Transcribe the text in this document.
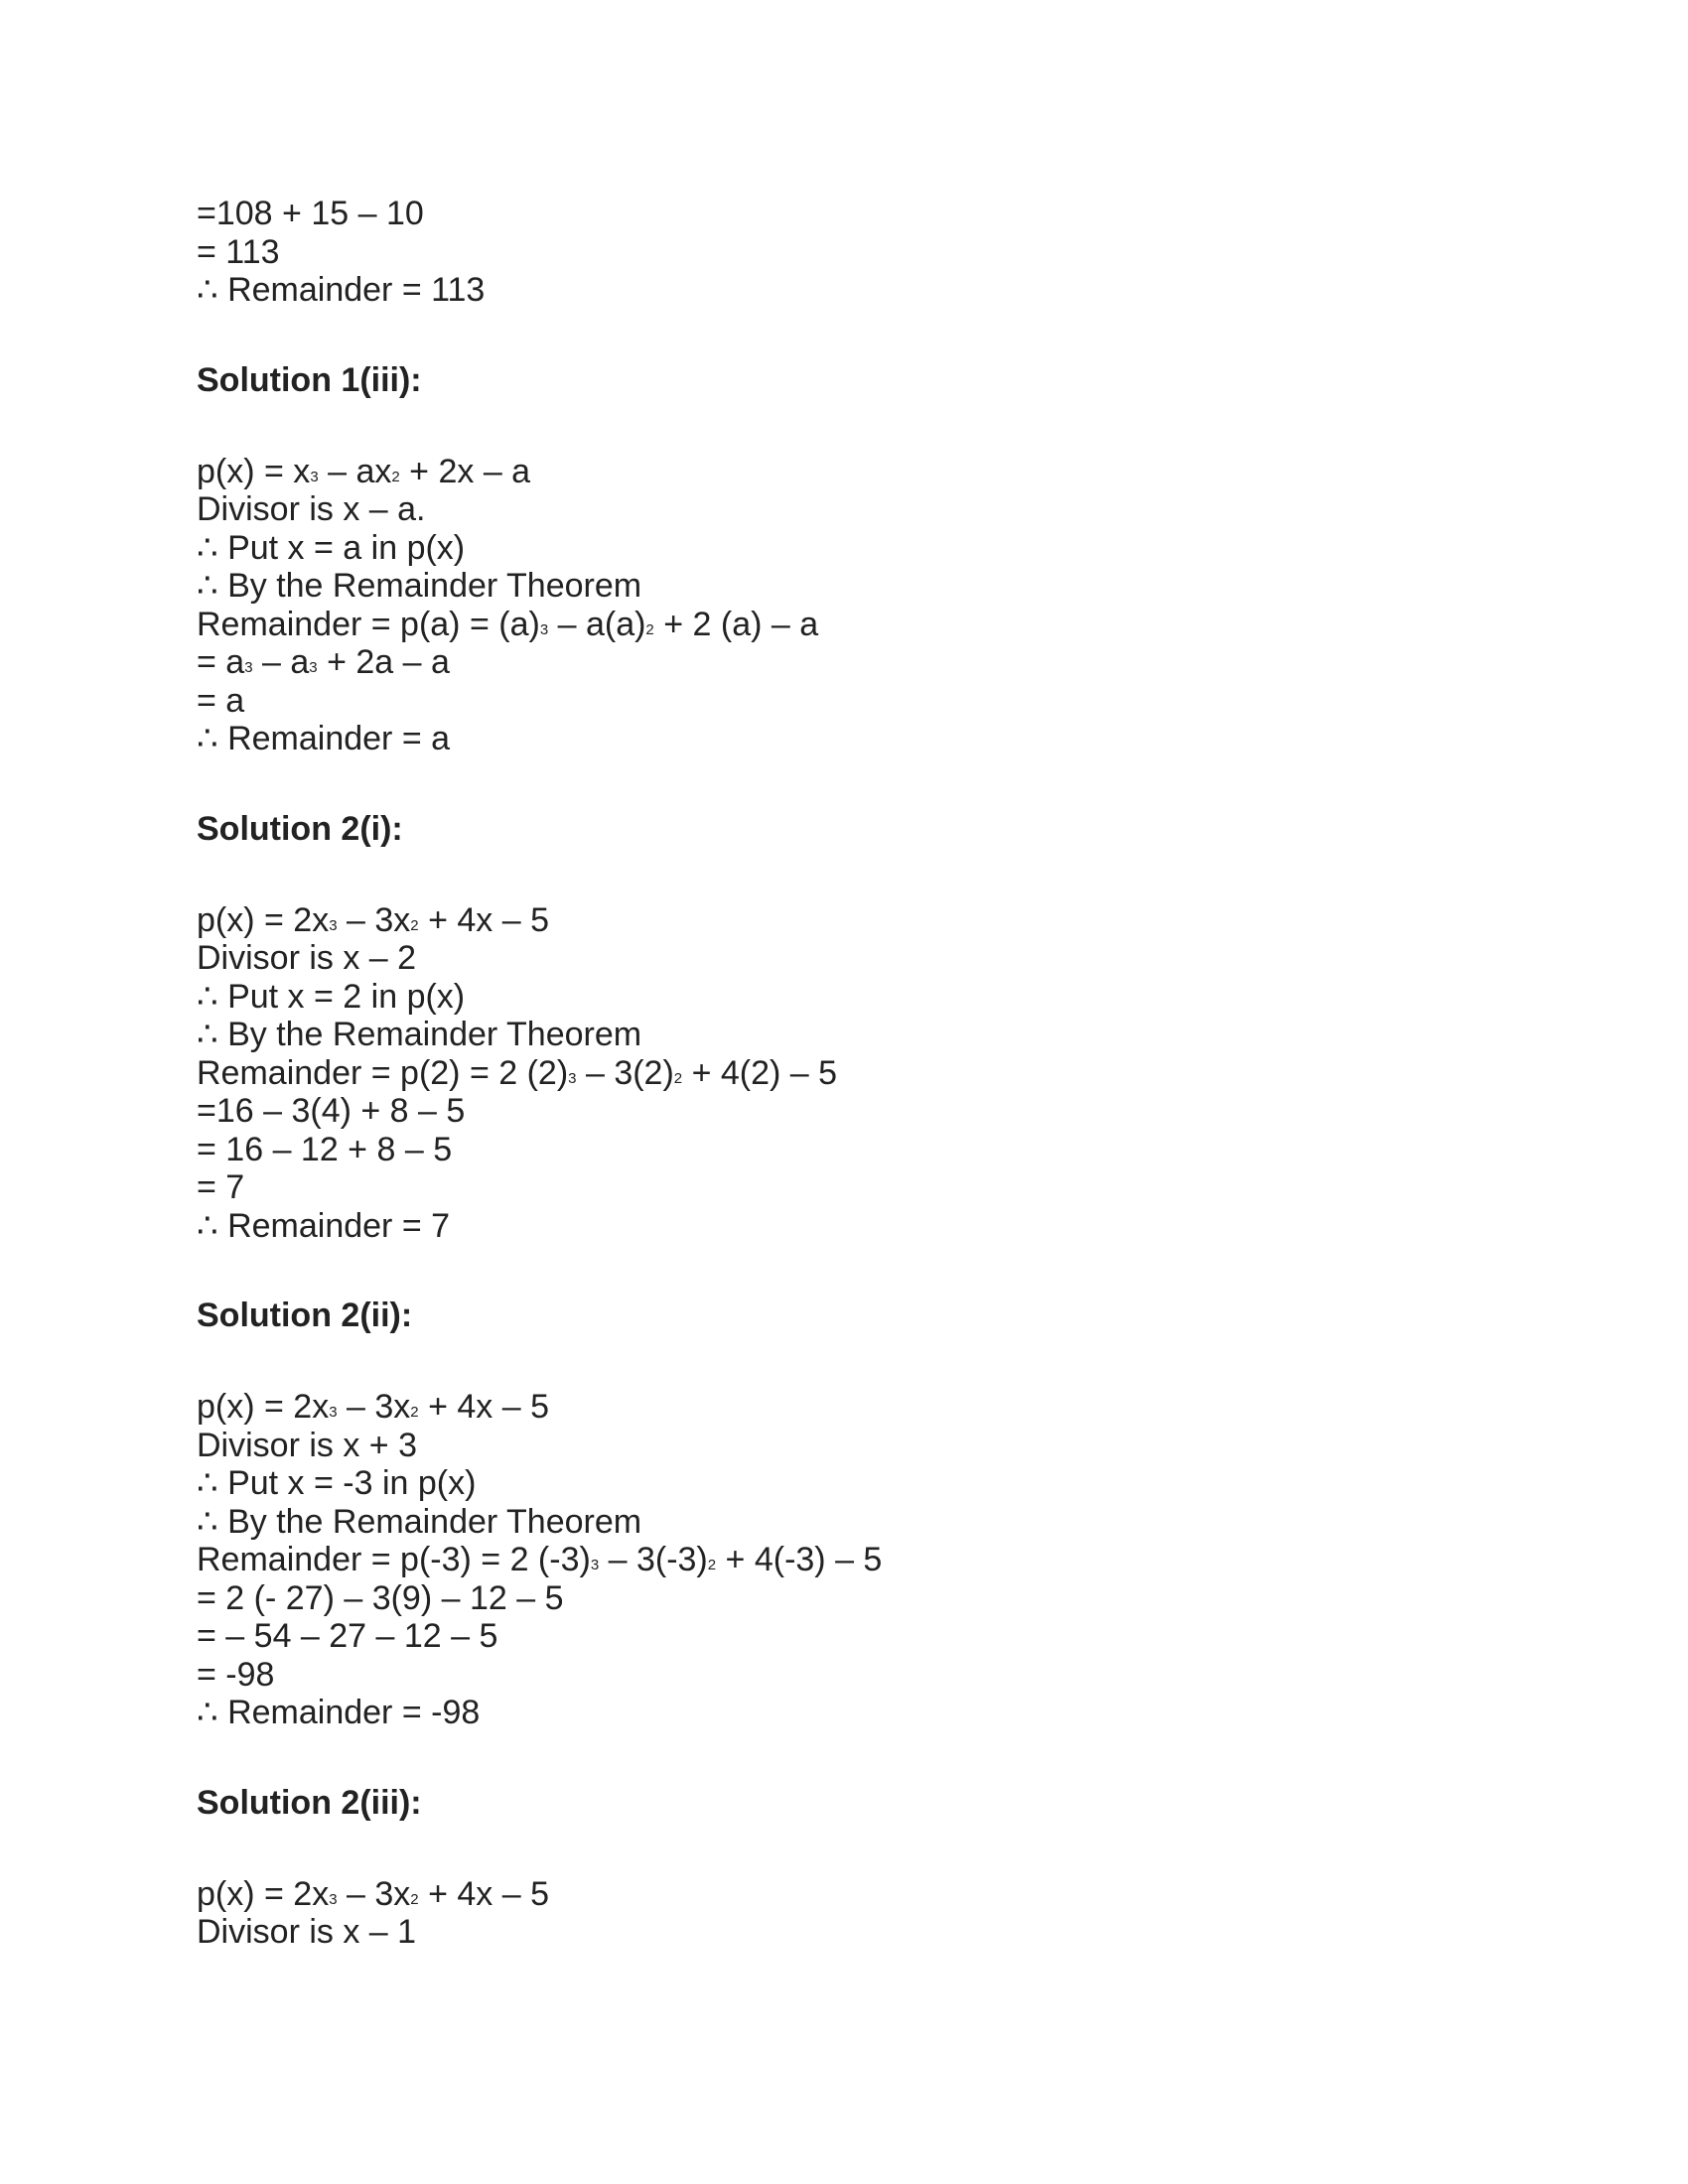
=108 + 15 – 10
= 113
∴ Remainder = 113
Solution 1(iii):
$p(x) = x^3 - ax^2 + 2x - a$
Divisor is x – a.
∴ Put x = a in p(x)
∴ By the Remainder Theorem
Remainder = $p(a) = (a)^3 - a(a)^2 + 2$ (a) – a
= $a^3 - a^3 + 2a - a$
= a
∴ Remainder = a
Solution 2(i):
$p(x) = 2x^3 - 3x^2 + 4x - 5$
Divisor is x – 2
∴ Put x = 2 in p(x)
∴ By the Remainder Theorem
Remainder = p(2) = 2 $(2)^3 - 3(2)^2 + 4(2) - 5$
=16 – 3(4) + 8 – 5
= 16 – 12 + 8 – 5
= 7
∴ Remainder = 7
Solution 2(ii):
$p(x) = 2x^3 - 3x^2 + 4x - 5$
Divisor is x + 3
∴ Put x = -3 in p(x)
∴ By the Remainder Theorem
Remainder = p(-3) = 2 $(-3)^3 - 3(-3)^2 + 4(-3) - 5$
= 2 (- 27) – 3(9) – 12 – 5
= – 54 – 27 – 12 – 5
= -98
∴ Remainder = -98
Solution 2(iii):
$p(x) = 2x^3 - 3x^2 + 4x - 5$
Divisor is x – 1
